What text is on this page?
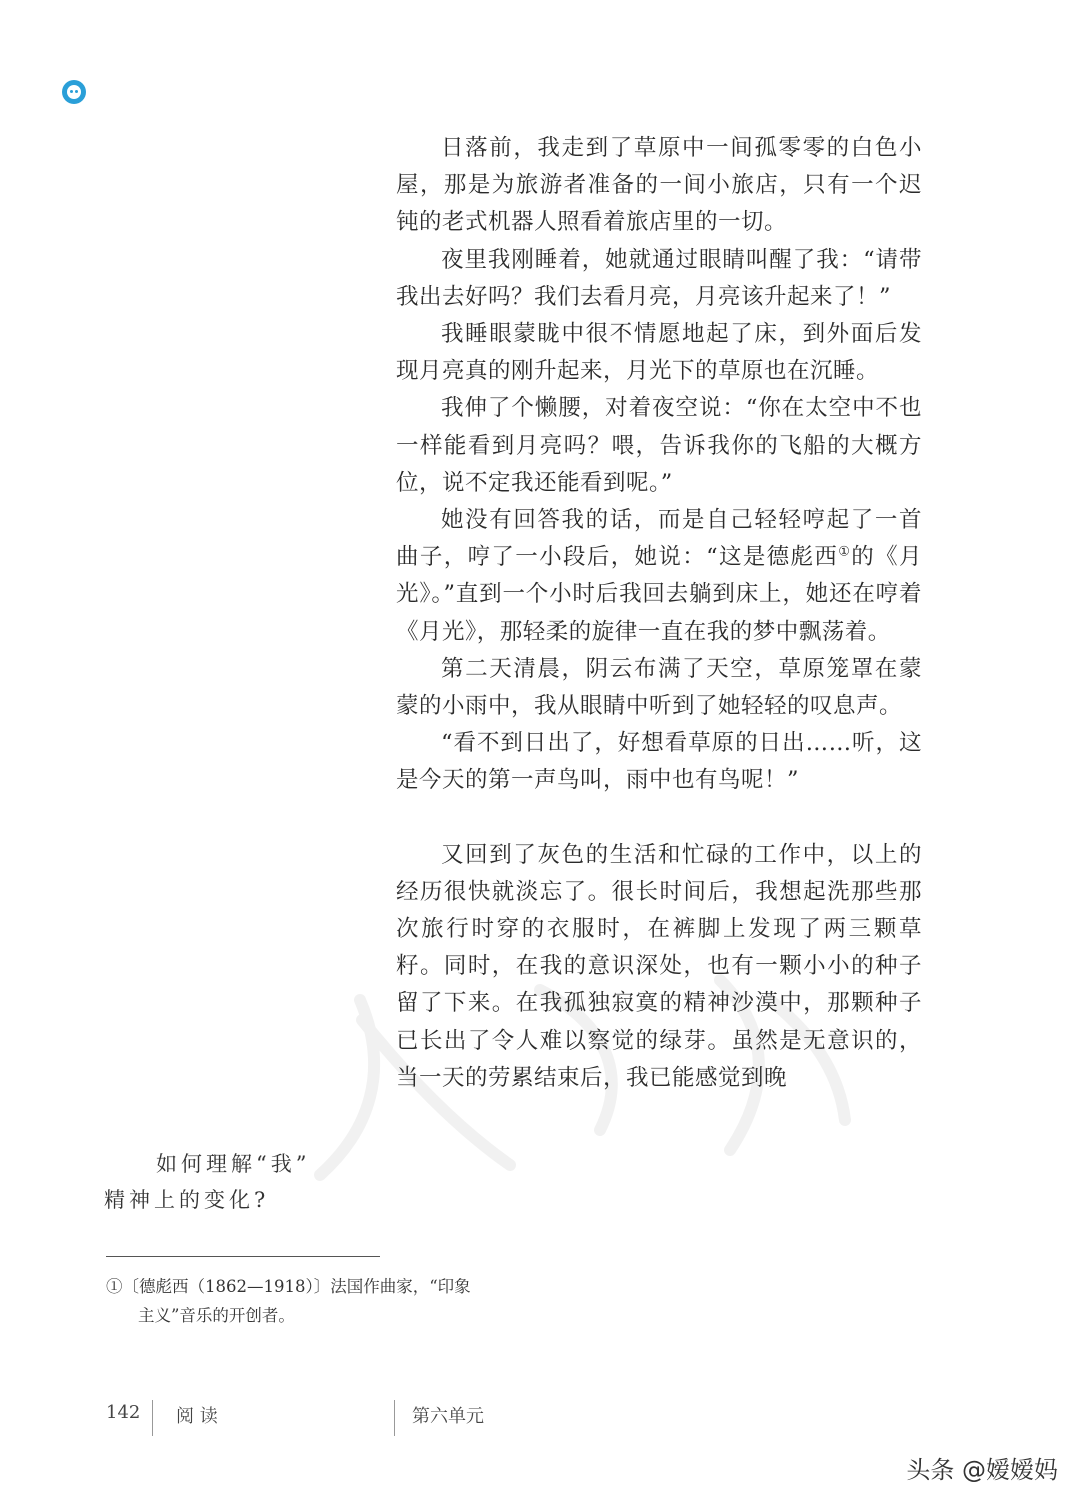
日落前，我走到了草原中一间孤零零的白色小屋，那是为旅游者准备的一间小旅店，只有一个迟钝的老式机器人照看着旅店里的一切。

夜里我刚睡着，她就通过眼睛叫醒了我：“请带我出去好吗？我们去看月亮，月亮该升起来了！”

我睡眼蒙眬中很不情愿地起了床，到外面后发现月亮真的刚升起来，月光下的草原也在沉睡。

我伸了个懒腰，对着夜空说：“你在太空中不也一样能看到月亮吗？喂，告诉我你的飞船的大概方位，说不定我还能看到呢。”

她没有回答我的话，而是自己轻轻哼起了一首曲子，哼了一小段后，她说：“这是德彪西①的《月光》。”直到一个小时后我回去躺到床上，她还在哼着《月光》，那轻柔的旋律一直在我的梦中飘荡着。

第二天清晨，阴云布满了天空，草原笼罩在蒙蒙的小雨中，我从眼睛中听到了她轻轻的叹息声。

“看不到日出了，好想看草原的日出……听，这是今天的第一声鸟叫，雨中也有鸟呢！”

又回到了灰色的生活和忙碌的工作中，以上的经历很快就淡忘了。很长时间后，我想起洗那些那次旅行时穿的衣服时，在裤脚上发现了两三颗草籽。同时，在我的意识深处，也有一颗小小的种子留了下来。在我孤独寂寞的精神沙漠中，那颗种子已长出了令人难以察觉的绿芽。虽然是无意识的，当一天的劳累结束后，我已能感觉到晚

如何理解“我”
精神上的变化?
①〔德彪西（1862—1918）〕法国作曲家，“印象
主义”音乐的开创者。
142 阅 读	第六单元
头条 @嫒嫒妈
